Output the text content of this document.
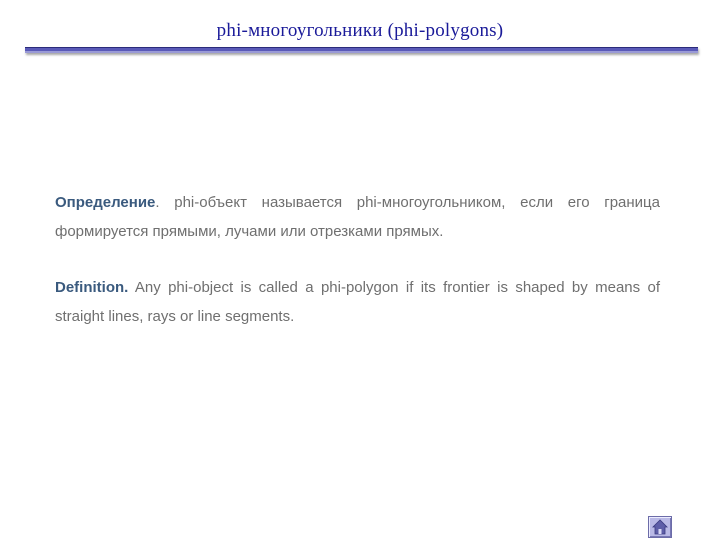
phi-многоугольники (phi-polygons)

Определение. phi-объект называется phi-многоугольником, если его граница формируется прямыми, лучами или отрезками прямых.

Definition. Any phi-object is called a phi-polygon if its frontier is shaped by means of straight lines, rays or line segments.
